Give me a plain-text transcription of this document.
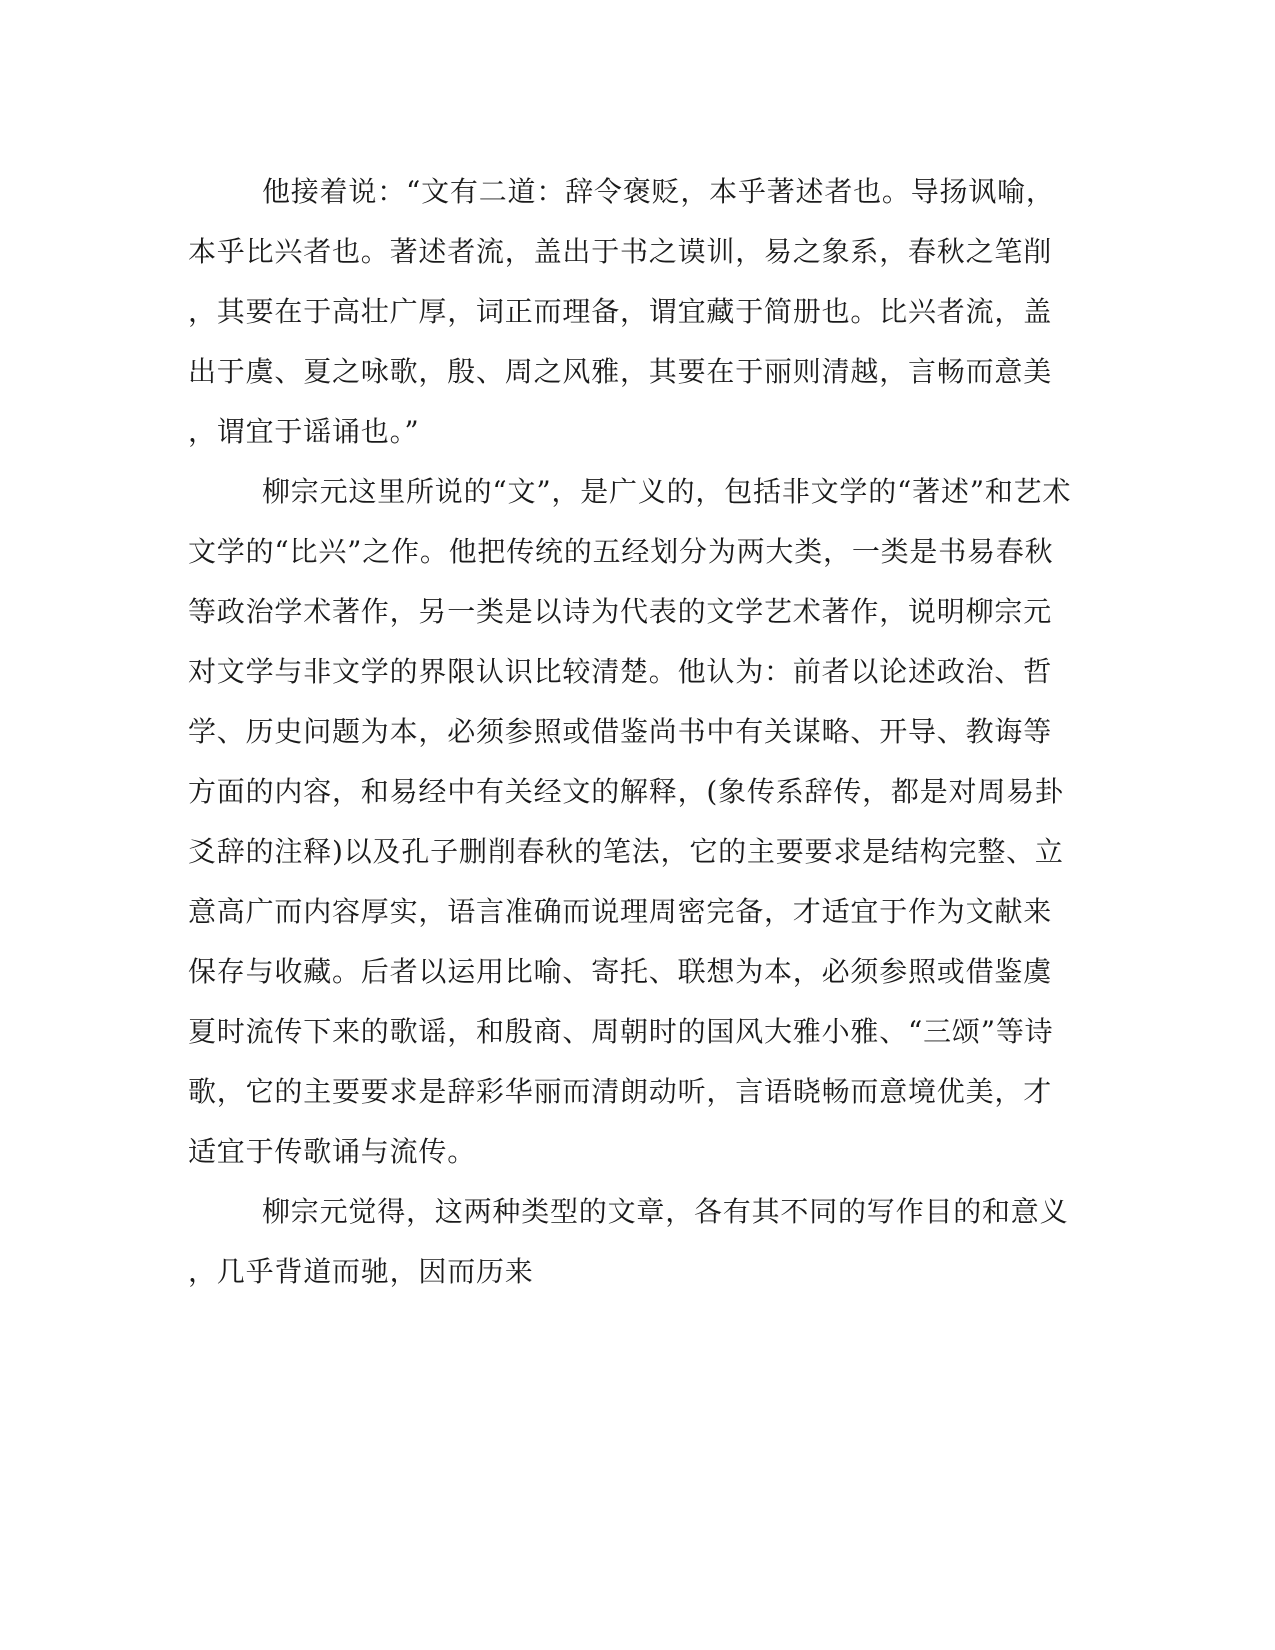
他接着说：“文有二道：辞令褒贬，本乎著述者也。导扬讽喻，
本乎比兴者也。著述者流，盖出于书之谟训，易之象系，春秋之笔削
，其要在于高壮广厚，词正而理备，谓宜藏于简册也。比兴者流，盖
出于虞、夏之咏歌，殷、周之风雅，其要在于丽则清越，言畅而意美
，谓宜于谣诵也。”
柳宗元这里所说的“文”，是广义的，包括非文学的“著述”和艺术
文学的“比兴”之作。他把传统的五经划分为两大类，一类是书易春秋
等政治学术著作，另一类是以诗为代表的文学艺术著作，说明柳宗元
对文学与非文学的界限认识比较清楚。他认为：前者以论述政治、哲
学、历史问题为本，必须参照或借鉴尚书中有关谋略、开导、教诲等
方面的内容，和易经中有关经文的解释，(象传系辞传，都是对周易卦
爻辞的注释)以及孔子删削春秋的笔法，它的主要要求是结构完整、立
意高广而内容厚实，语言准确而说理周密完备，才适宜于作为文献来
保存与收藏。后者以运用比喻、寄托、联想为本，必须参照或借鉴虞
夏时流传下来的歌谣，和殷商、周朝时的国风大雅小雅、“三颂”等诗
歌，它的主要要求是辞彩华丽而清朗动听，言语晓畅而意境优美，才
适宜于传歌诵与流传。
柳宗元觉得，这两种类型的文章，各有其不同的写作目的和意义
，几乎背道而驰，因而历来
